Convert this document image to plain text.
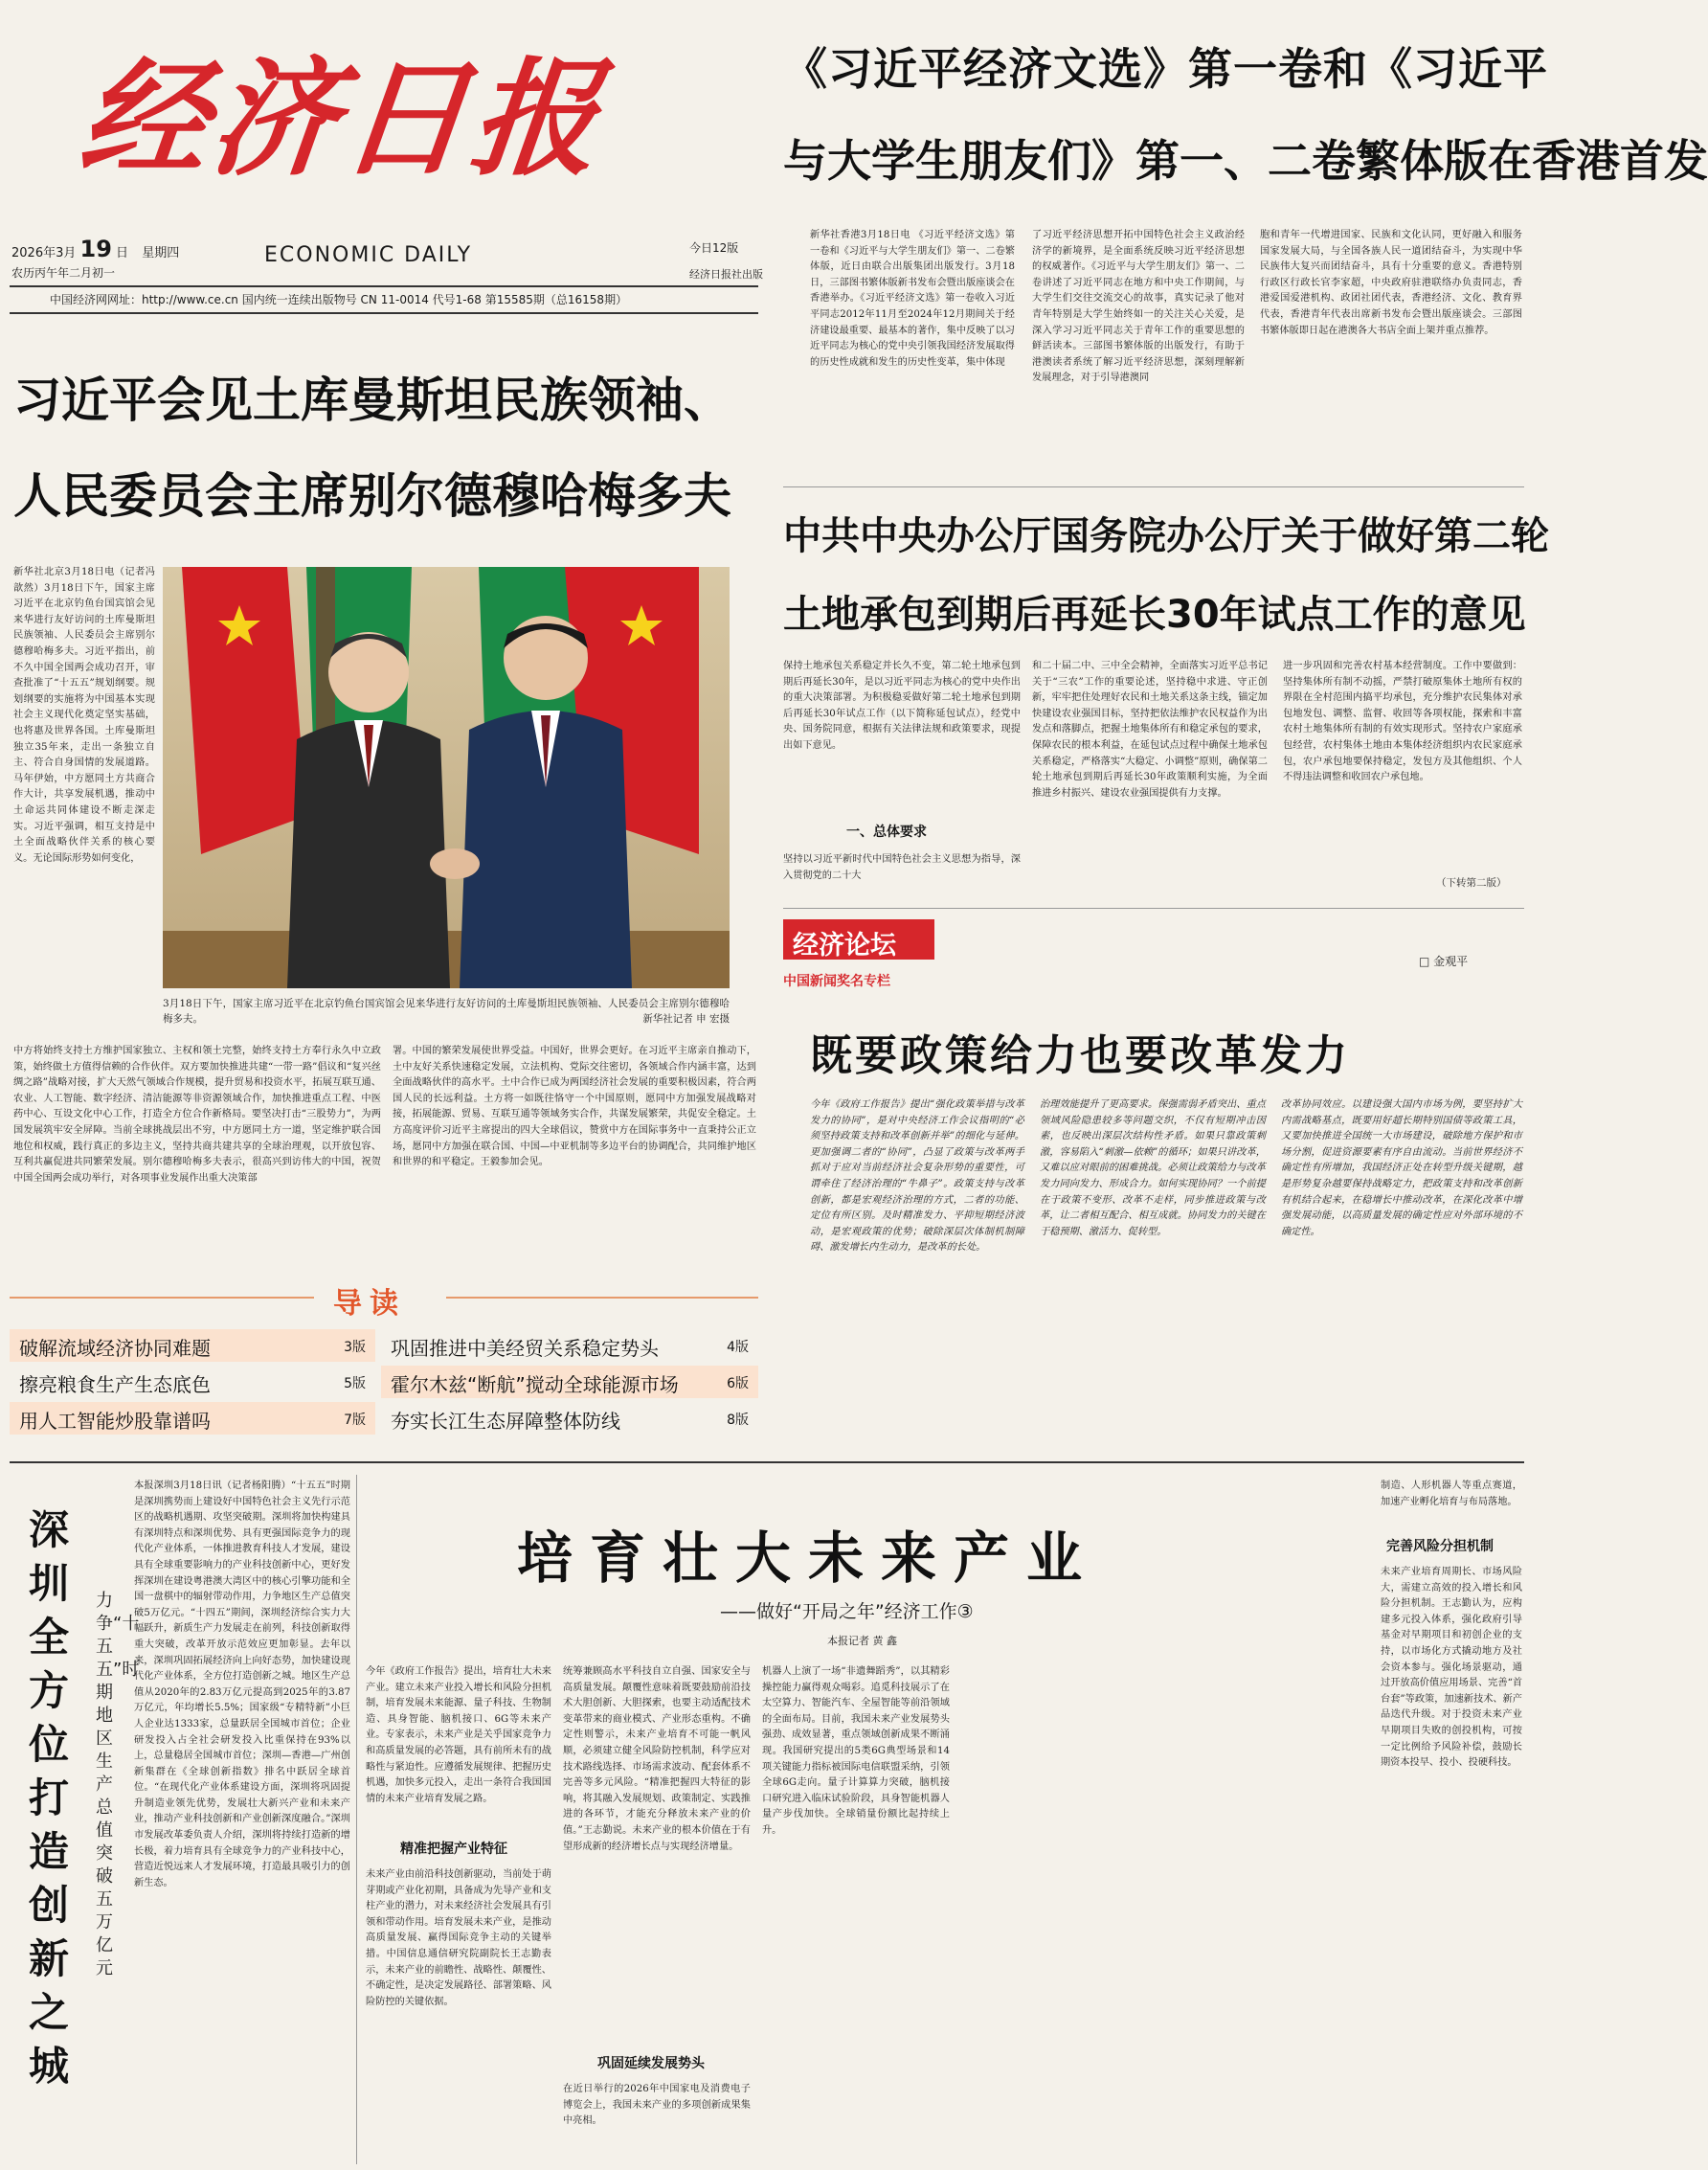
经济日报
2026年3月 19 日 星期四
农历丙午年二月初一
ECONOMIC DAILY	今日12版
经济日报社出版
中国经济网网址：http://www.ce.cn 国内统一连续出版物号 CN 11-0014 代号1-68 第15585期（总16158期）
《习近平经济文选》第一卷和《习近平
与大学生朋友们》第一、二卷繁体版在香港首发
新华社香港3月18日电 《习近平经济文选》第一卷和《习近平与大学生朋友们》第一、二卷繁体版，近日由联合出版集团出版发行。3月18日，三部图书繁体版新书发布会暨出版座谈会在香港举办。《习近平经济文选》第一卷收入习近平同志2012年11月至2024年12月期间关于经济建设最重要、最基本的著作，集中反映了以习近平同志为核心的党中央引领我国经济发展取得的历史性成就和发生的历史性变革，集中体现
了习近平经济思想开拓中国特色社会主义政治经济学的新境界，是全面系统反映习近平经济思想的权威著作。《习近平与大学生朋友们》第一、二卷讲述了习近平同志在地方和中央工作期间，与大学生们交往交流交心的故事，真实记录了他对青年特别是大学生始终如一的关注关心关爱，是深入学习习近平同志关于青年工作的重要思想的鲜活读本。三部图书繁体版的出版发行，有助于港澳读者系统了解习近平经济思想，深刻理解新发展理念，对于引导港澳同
胞和青年一代增进国家、民族和文化认同，更好融入和服务国家发展大局，与全国各族人民一道团结奋斗，为实现中华民族伟大复兴而团结奋斗，具有十分重要的意义。香港特别行政区行政长官李家超，中央政府驻港联络办负责同志，香港爱国爱港机构、政团社团代表，香港经济、文化、教育界代表，香港青年代表出席新书发布会暨出版座谈会。三部图书繁体版即日起在港澳各大书店全面上架并重点推荐。
习近平会见土库曼斯坦民族领袖、
人民委员会主席别尔德穆哈梅多夫
新华社北京3月18日电（记者冯歆然）3月18日下午，国家主席习近平在北京钓鱼台国宾馆会见来华进行友好访问的土库曼斯坦民族领袖、人民委员会主席别尔德穆哈梅多夫。习近平指出，前不久中国全国两会成功召开，审查批准了“十五五”规划纲要。规划纲要的实施将为中国基本实现社会主义现代化奠定坚实基础，也将惠及世界各国。土库曼斯坦独立35年来，走出一条独立自主、符合自身国情的发展道路。马年伊始，中方愿同土方共商合作大计，共享发展机遇，推动中土命运共同体建设不断走深走实。习近平强调，相互支持是中土全面战略伙伴关系的核心要义。无论国际形势如何变化，
3月18日下午，国家主席习近平在北京钓鱼台国宾馆会见来华进行友好访问的土库曼斯坦民族领袖、人民委员会主席别尔德穆哈梅多夫。	新华社记者 申 宏摄
中方将始终支持土方维护国家独立、主权和领土完整，始终支持土方奉行永久中立政策，始终做土方值得信赖的合作伙伴。双方要加快推进共建“一带一路”倡议和“复兴丝绸之路”战略对接，扩大天然气领域合作规模，提升贸易和投资水平，拓展互联互通、农业、人工智能、数字经济、清洁能源等非资源领域合作，加快推进重点工程、中医药中心、互设文化中心工作，打造全方位合作新格局。要坚决打击“三股势力”，为两国发展筑牢安全屏障。当前全球挑战层出不穷，中方愿同土方一道，坚定维护联合国地位和权威，践行真正的多边主义，坚持共商共建共享的全球治理观，以开放包容、互利共赢促进共同繁荣发展。别尔德穆哈梅多夫表示，很高兴到访伟大的中国，祝贺中国全国两会成功举行，对各项事业发展作出重大决策部
署。中国的繁荣发展使世界受益。中国好，世界会更好。在习近平主席亲自推动下，土中友好关系快速稳定发展，立法机构、党际交往密切，各领域合作内涵丰富，达到全面战略伙伴的高水平。土中合作已成为两国经济社会发展的重要积极因素，符合两国人民的长远利益。土方将一如既往恪守一个中国原则，愿同中方加强发展战略对接，拓展能源、贸易、互联互通等领域务实合作，共谋发展繁荣，共促安全稳定。土方高度评价习近平主席提出的四大全球倡议，赞赏中方在国际事务中一直秉持公正立场，愿同中方加强在联合国、中国—中亚机制等多边平台的协调配合，共同维护地区和世界的和平稳定。王毅参加会见。
导读
破解流域经济协同难题	3版 巩固推进中美经贸关系稳定势头	4版
擦亮粮食生产生态底色	5版 霍尔木兹“断航”搅动全球能源市场	6版
用人工智能炒股靠谱吗	7版 夯实长江生态屏障整体防线	8版
中共中央办公厅国务院办公厅关于做好第二轮
土地承包到期后再延长30年试点工作的意见
保持土地承包关系稳定并长久不变，第二轮土地承包到期后再延长30年，是以习近平同志为核心的党中央作出的重大决策部署。为积极稳妥做好第二轮土地承包到期后再延长30年试点工作（以下简称延包试点），经党中央、国务院同意，根据有关法律法规和政策要求，现提出如下意见。
一、总体要求
坚持以习近平新时代中国特色社会主义思想为指导，深入贯彻党的二十大
和二十届二中、三中全会精神，全面落实习近平总书记关于“三农”工作的重要论述，坚持稳中求进、守正创新，牢牢把住处理好农民和土地关系这条主线，锚定加快建设农业强国目标，坚持把依法维护农民权益作为出发点和落脚点，把握土地集体所有和稳定承包的要求，保障农民的根本利益，在延包试点过程中确保土地承包关系稳定，严格落实“大稳定、小调整”原则，确保第二轮土地承包到期后再延长30年政策顺利实施，为全面推进乡村振兴、建设农业强国提供有力支撑。
进一步巩固和完善农村基本经营制度。工作中要做到：坚持集体所有制不动摇，严禁打破原集体土地所有权的界限在全村范围内搞平均承包，充分维护农民集体对承包地发包、调整、监督、收回等各项权能，探索和丰富农村土地集体所有制的有效实现形式。坚持农户家庭承包经营，农村集体土地由本集体经济组织内农民家庭承包，农户承包地要保持稳定，发包方及其他组织、个人不得违法调整和收回农户承包地。
（下转第二版）
经济论坛
中国新闻奖名专栏
□ 金观平
既要政策给力也要改革发力
今年《政府工作报告》提出“强化政策举措与改革发力的协同”，是对中央经济工作会议指明的“必须坚持政策支持和改革创新并举”的细化与延伸。更加强调二者的“协同”，凸显了政策与改革两手抓对于应对当前经济社会复杂形势的重要性，可谓牵住了经济治理的“牛鼻子”。政策支持与改革创新，都是宏观经济治理的方式，二者的功能、定位有所区别。及时精准发力、平抑短期经济波动，是宏观政策的优势；破除深层次体制机制障碍、激发增长内生动力，是改革的长处。
治理效能提升了更高要求。保强需弱矛盾突出、重点领域风险隐患较多等问题交织，不仅有短期冲击因素，也反映出深层次结构性矛盾。如果只靠政策刺激，容易陷入“刺激—依赖”的循环；如果只讲改革，又难以应对眼前的困难挑战。必须让政策给力与改革发力同向发力、形成合力。如何实现协同？一个前提在于政策不变形、改革不走样，同步推进政策与改革，让二者相互配合、相互成就。协同发力的关键在于稳预期、激活力、促转型。
改革协同效应。以建设强大国内市场为例，要坚持扩大内需战略基点，既要用好超长期特别国债等政策工具，又要加快推进全国统一大市场建设，破除地方保护和市场分割，促进资源要素有序自由流动。当前世界经济不确定性有所增加，我国经济正处在转型升级关键期，越是形势复杂越要保持战略定力，把政策支持和改革创新有机结合起来，在稳增长中推动改革，在深化改革中增强发展动能，以高质量发展的确定性应对外部环境的不确定性。
深圳全方位打造创新之城
力争“十五五”时期地区生产总值突破五万亿元
本报深圳3月18日讯（记者杨阳腾）“十五五”时期是深圳携势而上建设好中国特色社会主义先行示范区的战略机遇期、攻坚突破期。深圳将加快构建具有深圳特点和深圳优势、具有更强国际竞争力的现代化产业体系，一体推进教育科技人才发展，建设具有全球重要影响力的产业科技创新中心，更好发挥深圳在建设粤港澳大湾区中的核心引擎功能和全国一盘棋中的辐射带动作用，力争地区生产总值突破5万亿元。“十四五”期间，深圳经济综合实力大幅跃升，新质生产力发展走在前列，科技创新取得重大突破，改革开放示范效应更加彰显。去年以来，深圳巩固拓展经济向上向好态势，加快建设现代化产业体系，全方位打造创新之城。地区生产总值从2020年的2.83万亿元提高到2025年的3.87万亿元，年均增长5.5%；国家级“专精特新”小巨人企业达1333家，总量跃居全国城市首位；企业研发投入占全社会研发投入比重保持在93%以上，总量稳居全国城市首位；深圳—香港—广州创新集群在《全球创新指数》排名中跃居全球首位。“在现代化产业体系建设方面，深圳将巩固提升制造业领先优势，发展壮大新兴产业和未来产业，推动产业科技创新和产业创新深度融合。”深圳市发展改革委负责人介绍，深圳将持续打造新的增长极，着力培育具有全球竞争力的产业科技中心，营造近悦远来人才发展环境，打造最具吸引力的创新生态。
培育壮大未来产业
——做好“开局之年”经济工作③
本报记者 黄 鑫
今年《政府工作报告》提出，培育壮大未来产业。建立未来产业投入增长和风险分担机制，培育发展未来能源、量子科技、生物制造、具身智能、脑机接口、6G等未来产业。专家表示，未来产业是关乎国家竞争力和高质量发展的必答题，具有前所未有的战略性与紧迫性。应遵循发展规律、把握历史机遇，加快多元投入，走出一条符合我国国情的未来产业培育发展之路。
精准把握产业特征
未来产业由前沿科技创新驱动，当前处于萌芽期或产业化初期，具备成为先导产业和支柱产业的潜力，对未来经济社会发展具有引领和带动作用。培育发展未来产业，是推动高质量发展、赢得国际竞争主动的关键举措。中国信息通信研究院副院长王志勤表示，未来产业的前瞻性、战略性、颠覆性、不确定性，是决定发展路径、部署策略、风险防控的关键依据。
统筹兼顾高水平科技自立自强、国家安全与高质量发展。颠覆性意味着既要鼓励前沿技术大胆创新、大胆探索，也要主动适配技术变革带来的商业模式、产业形态重构。不确定性则警示，未来产业培育不可能一帆风顺，必须建立健全风险防控机制，科学应对技术路线选择、市场需求波动、配套体系不完善等多元风险。“精准把握四大特征的影响，将其融入发展规划、政策制定、实践推进的各环节，才能充分释放未来产业的价值。”王志勤说。未来产业的根本价值在于有望形成新的经济增长点与实现经济增量。
巩固延续发展势头
在近日举行的2026年中国家电及消费电子博览会上，我国未来产业的多项创新成果集中亮相。
机器人上演了一场“非遗舞蹈秀”，以其精彩操控能力赢得观众喝彩。追觅科技展示了在太空算力、智能汽车、全屋智能等前沿领域的全面布局。目前，我国未来产业发展势头强劲、成效显著，重点领域创新成果不断涌现。我国研究提出的5类6G典型场景和14项关键能力指标被国际电信联盟采纳，引领全球6G走向。量子计算算力突破，脑机接口研究进入临床试验阶段，具身智能机器人量产步伐加快。全球销量份额比起持续上升。
制造、人形机器人等重点赛道，加速产业孵化培育与布局落地。
完善风险分担机制
未来产业培育周期长、市场风险大，需建立高效的投入增长和风险分担机制。王志勤认为，应构建多元投入体系，强化政府引导基金对早期项目和初创企业的支持，以市场化方式撬动地方及社会资本参与。强化场景驱动，通过开放高价值应用场景、完善“首台套”等政策，加速新技术、新产品迭代升级。对于投资未来产业早期项目失败的创投机构，可按一定比例给予风险补偿，鼓励长期资本投早、投小、投硬科技。
